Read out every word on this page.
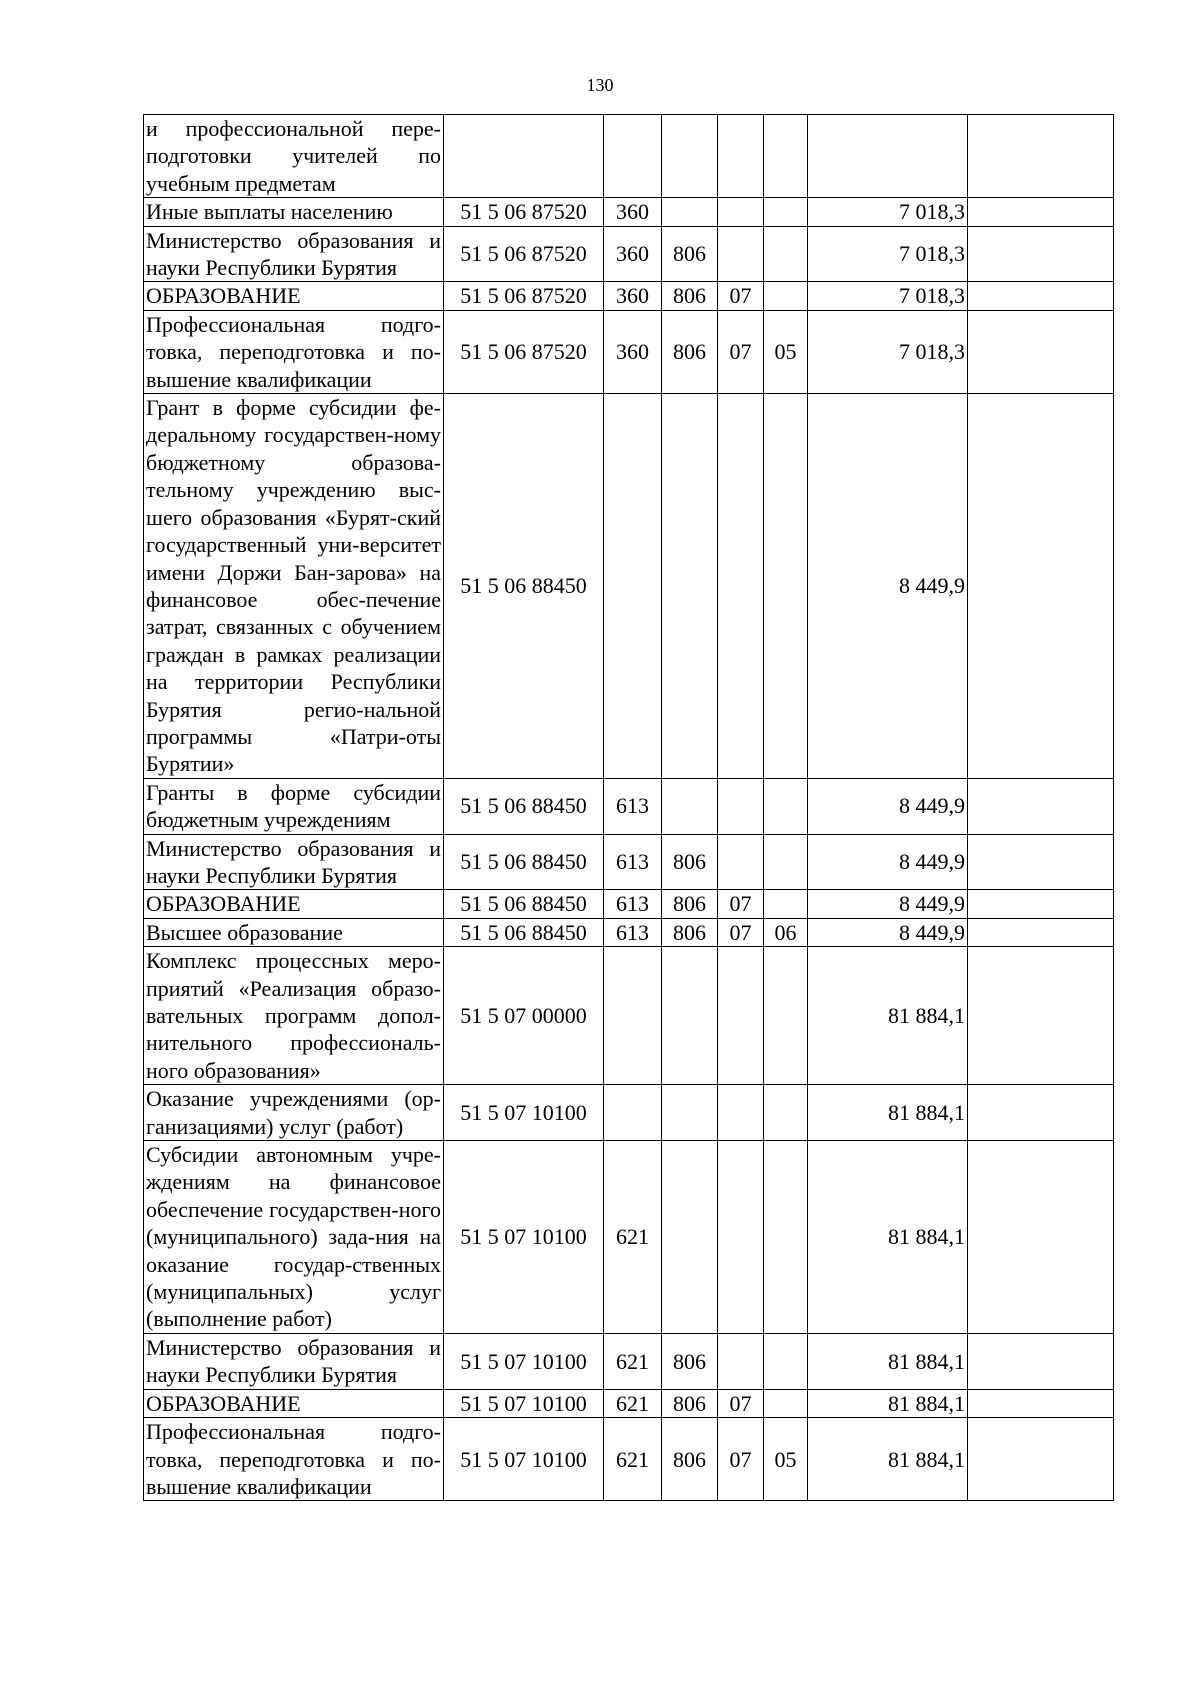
130
и профессиональной пере-подготовки учителей по учебным предметам							
Иные выплаты населению	51 5 06 87520	360				7 018,3	
Министерство образования и науки Республики Бурятия	51 5 06 87520	360	806			7 018,3	
ОБРАЗОВАНИЕ	51 5 06 87520	360	806	07		7 018,3	
Профессиональная подго-товка, переподготовка и по-вышение квалификации	51 5 06 87520	360	806	07	05	7 018,3	
Грант в форме субсидии фе-деральному государствен-ному бюджетному образова-тельному учреждению выс-шего образования «Бурят-ский государственный уни-верситет имени Доржи Бан-зарова» на финансовое обес-печение затрат, связанных с обучением граждан в рамках реализации на территории Республики Бурятия регио-нальной программы «Патри-оты Бурятии»	51 5 06 88450					8 449,9	
Гранты в форме субсидии бюджетным учреждениям	51 5 06 88450	613				8 449,9	
Министерство образования и науки Республики Бурятия	51 5 06 88450	613	806			8 449,9	
ОБРАЗОВАНИЕ	51 5 06 88450	613	806	07		8 449,9	
Высшее образование	51 5 06 88450	613	806	07	06	8 449,9	
Комплекс процессных меро-приятий «Реализация образо-вательных программ допол-нительного профессиональ-ного образования»	51 5 07 00000					81 884,1	
Оказание учреждениями (ор-ганизациями) услуг (работ)	51 5 07 10100					81 884,1	
Субсидии автономным учре-ждениям на финансовое обеспечение государствен-ного (муниципального) зада-ния на оказание государ-ственных (муниципальных) услуг (выполнение работ)	51 5 07 10100	621				81 884,1	
Министерство образования и науки Республики Бурятия	51 5 07 10100	621	806			81 884,1	
ОБРАЗОВАНИЕ	51 5 07 10100	621	806	07		81 884,1	
Профессиональная подго-товка, переподготовка и по-вышение квалификации	51 5 07 10100	621	806	07	05	81 884,1	
